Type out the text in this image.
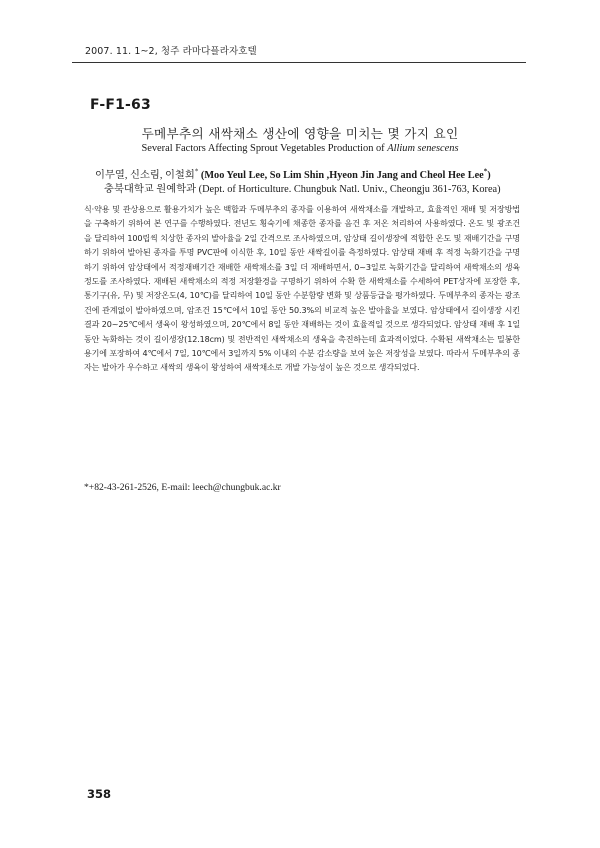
2007. 11. 1~2, 청주 라마다플라자호텔
F-F1-63
두메부추의 새싹채소 생산에 영향을 미치는 몇 가지 요인
Several Factors Affecting Sprout Vegetables Production of Allium senescens
이무열, 신소림, 이철희* (Moo Yeul Lee, So Lim Shin ,Hyeon Jin Jang and Cheol Hee Lee*)
충북대학교 원예학과 (Dept. of Horticulture. Chungbuk Natl. Univ., Cheongju 361-763, Korea)
식·약용 및 관상용으로 활용가치가 높은 백합과 두메부추의 종자를 이용하여 새싹채소를 개발하고, 효율적인 재배 및 저장방법을 구축하기 위하여 본 연구를 수행하였다. 전년도 횡숙기에 채종한 종자를 음건 후 저온 처리하여 사용하였다. 온도 및 광조건을 달리하여 100립씩 치상한 종자의 발아율을 2일 간격으로 조사하였으며, 암상태 길이생장에 적합한 온도 및 재배기간을 구명하기 위하여 발아된 종자를 투명 PVC판에 이식한 후, 10일 동안 새싹길이를 측정하였다. 암상태 재배 후 적정 녹화기간을 구명하기 위하여 암상태에서 적정재배기간 재배한 새싹채소를 3일 더 재배하면서, 0~3일로 녹화기간을 달리하여 새싹채소의 생육정도를 조사하였다. 재배된 새싹채소의 적정 저장환경을 구명하기 위하여 수확 한 새싹채소를 수세하여 PET상자에 포장한 후, 통기구(유, 무) 및 저장온도(4, 10℃)를 달리하여 10일 동안 수분함량 변화 및 상품등급을 평가하였다. 두메부추의 종자는 광조건에 관계없이 발아하였으며, 암조건 15℃에서 10일 동안 50.3%의 비교적 높은 발아율을 보였다. 암상태에서 길이생장 시킨 결과 20~25℃에서 생육이 왕성하였으며, 20℃에서 8일 동안 재배하는 것이 효율적일 것으로 생각되었다. 암상태 재배 후 1일 동안 녹화하는 것이 길이생장(12.18cm) 및 전반적인 새싹채소의 생육을 촉진하는데 효과적이었다. 수확된 새싹채소는 밀봉한 용기에 포장하여 4℃에서 7일, 10℃에서 3일까지 5% 이내의 수분 감소량을 보여 높은 저장성을 보였다. 따라서 두메부추의 종자는 발아가 우수하고 새싹의 생육이 왕성하여 새싹채소로 개발 가능성이 높은 것으로 생각되었다.
*+82-43-261-2526, E-mail: leech@chungbuk.ac.kr
358
